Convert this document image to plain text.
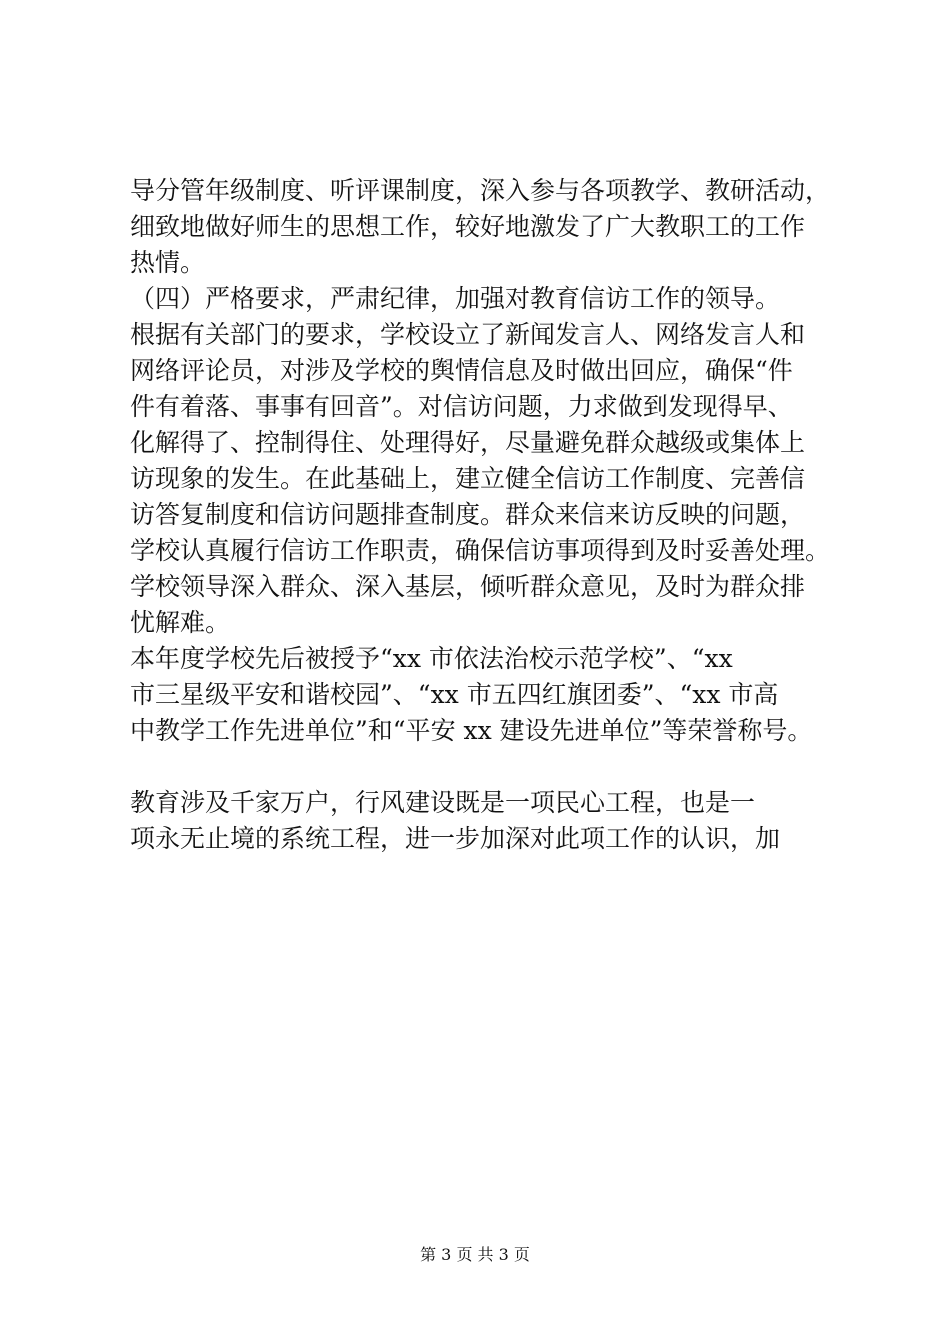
导分管年级制度、听评课制度，深入参与各项教学、教研活动，
细致地做好师生的思想工作，较好地激发了广大教职工的工作
热情。
（四）严格要求，严肃纪律，加强对教育信访工作的领导。
根据有关部门的要求，学校设立了新闻发言人、网络发言人和
网络评论员，对涉及学校的舆情信息及时做出回应，确保“件
件有着落、事事有回音”。对信访问题，力求做到发现得早、
化解得了、控制得住、处理得好，尽量避免群众越级或集体上
访现象的发生。在此基础上，建立健全信访工作制度、完善信
访答复制度和信访问题排查制度。群众来信来访反映的问题，
学校认真履行信访工作职责，确保信访事项得到及时妥善处理。
学校领导深入群众、深入基层，倾听群众意见，及时为群众排
忧解难。
本年度学校先后被授予“xx 市依法治校示范学校”、“xx
市三星级平安和谐校园”、“xx 市五四红旗团委”、“xx 市高
中教学工作先进单位”和“平安 xx 建设先进单位”等荣誉称号。
教育涉及千家万户，行风建设既是一项民心工程，也是一
项永无止境的系统工程，进一步加深对此项工作的认识，加
第 3 页 共 3 页
